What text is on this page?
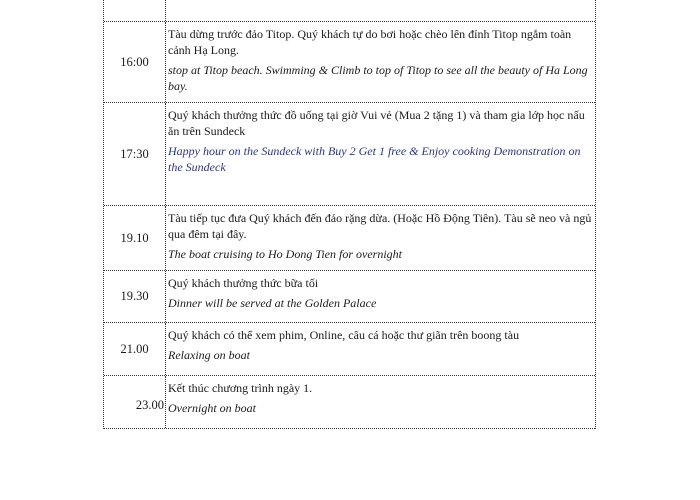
16:00

Tàu dừng trước đảo Titop. Quý khách tự do bơi hoặc chèo lên đỉnh Titop ngắm toàn cảnh Hạ Long.

stop at Titop beach. Swimming & Climb to top of Titop to see all the beauty of Ha Long bay.

17:30

Quý khách thưởng thức đồ uống tại giờ Vui vẻ (Mua 2 tặng 1) và tham gia lớp học nấu ăn trên Sundeck

Happy hour on the Sundeck with Buy 2 Get 1 free & Enjoy cooking Demonstration on the Sundeck

19.10

Tàu tiếp tục đưa Quý khách đến đảo rặng dừa. (Hoặc Hồ Động Tiên). Tàu sẽ neo và ngủ qua đêm tại đây.

The boat cruising to Ho Dong Tien for overnight

19.30

Quý khách thưởng thức bữa tối

Dinner will be served at the Golden Palace

21.00

Quý khách có thể xem phim, Online, câu cá hoặc thư giãn trên boong tàu

Relaxing on boat

23.00

Kết thúc chương trình ngày 1.

Overnight on boat
